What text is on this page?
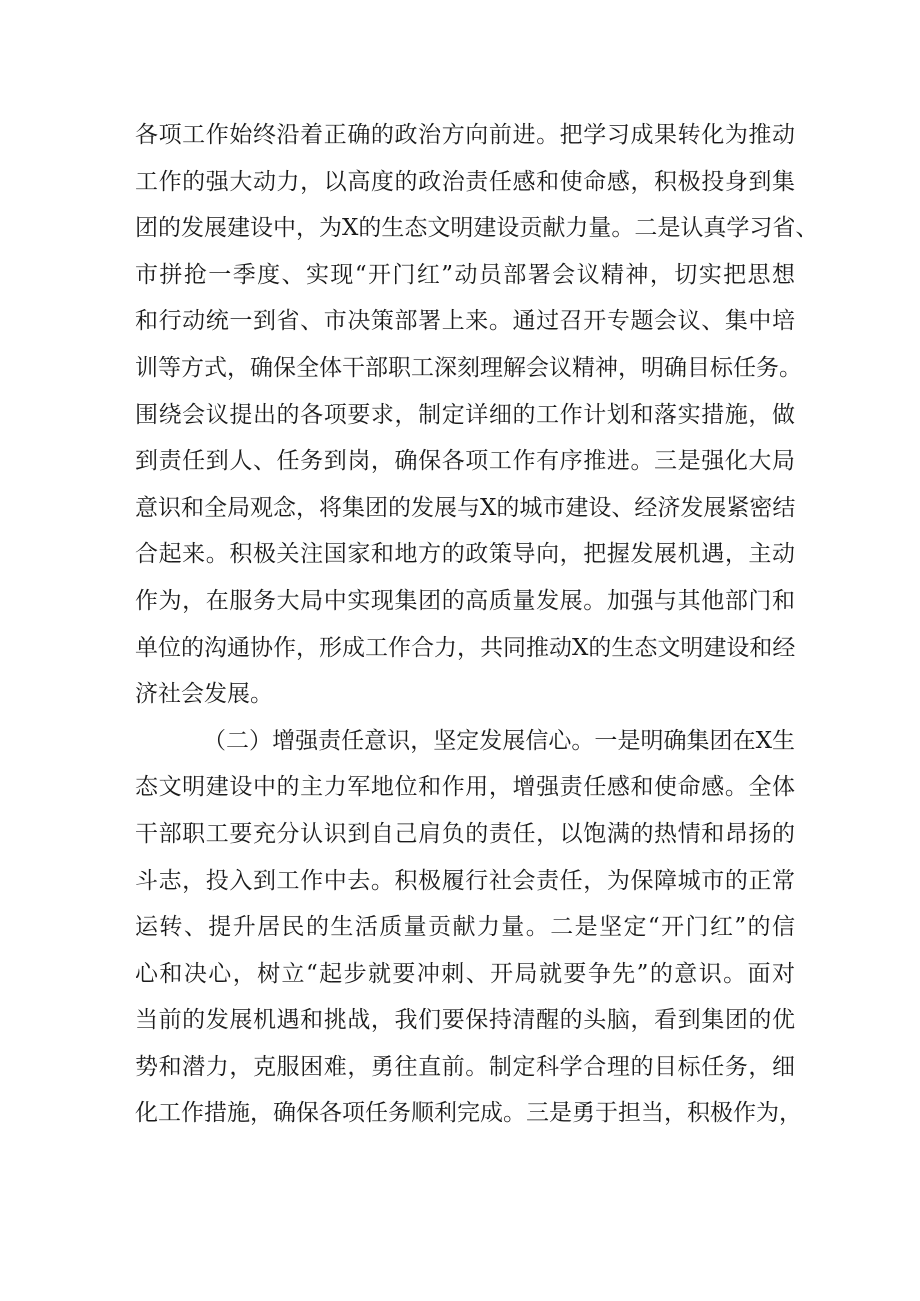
各项工作始终沿着正确的政治方向前进。把学习成果转化为推动
工作的强大动力，以高度的政治责任感和使命感，积极投身到集
团的发展建设中，为X的生态文明建设贡献力量。二是认真学习省、
市拼抢一季度、实现“开门红”动员部署会议精神，切实把思想
和行动统一到省、市决策部署上来。通过召开专题会议、集中培
训等方式，确保全体干部职工深刻理解会议精神，明确目标任务。
围绕会议提出的各项要求，制定详细的工作计划和落实措施，做
到责任到人、任务到岗，确保各项工作有序推进。三是强化大局
意识和全局观念，将集团的发展与X的城市建设、经济发展紧密结
合起来。积极关注国家和地方的政策导向，把握发展机遇，主动
作为，在服务大局中实现集团的高质量发展。加强与其他部门和
单位的沟通协作，形成工作合力，共同推动X的生态文明建设和经
济社会发展。
（二）增强责任意识，坚定发展信心。一是明确集团在X生
态文明建设中的主力军地位和作用，增强责任感和使命感。全体
干部职工要充分认识到自己肩负的责任，以饱满的热情和昂扬的
斗志，投入到工作中去。积极履行社会责任，为保障城市的正常
运转、提升居民的生活质量贡献力量。二是坚定“开门红”的信
心和决心，树立“起步就要冲刺、开局就要争先”的意识。面对
当前的发展机遇和挑战，我们要保持清醒的头脑，看到集团的优
势和潜力，克服困难，勇往直前。制定科学合理的目标任务，细
化工作措施，确保各项任务顺利完成。三是勇于担当，积极作为，
